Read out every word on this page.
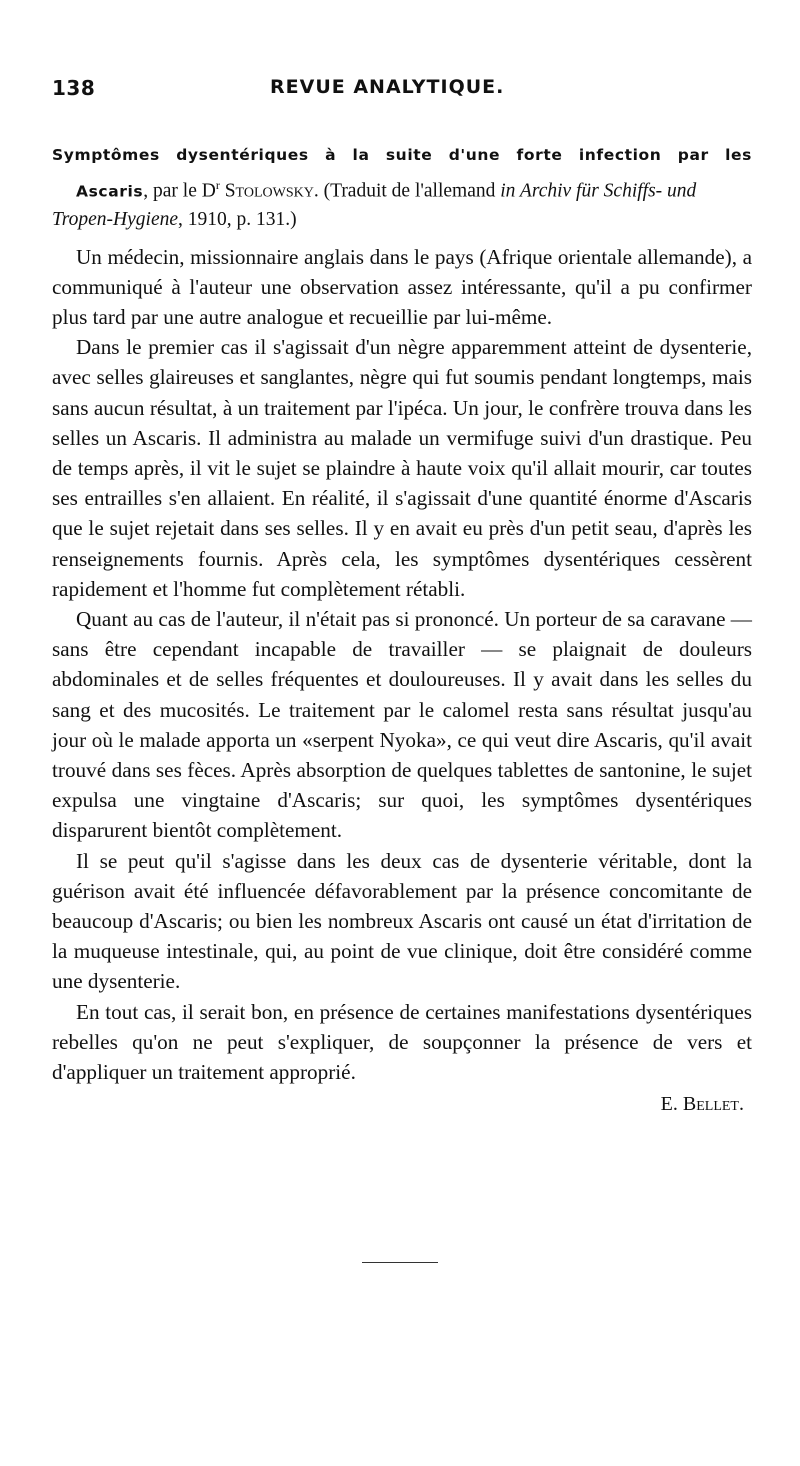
138	REVUE ANALYTIQUE.
Symptômes dysentériques à la suite d'une forte infection par les
Ascaris, par le $D^r$ Stolowsky. (Traduit de l'allemand in Archiv für Schiffs- und Tropen-Hygiene, 1910, p. 131.)

Un médecin, missionnaire anglais dans le pays (Afrique orientale allemande), a communiqué à l'auteur une observation assez intéressante, qu'il a pu confirmer plus tard par une autre analogue et recueillie par lui-même.

Dans le premier cas il s'agissait d'un nègre apparemment atteint de dysenterie, avec selles glaireuses et sanglantes, nègre qui fut soumis pendant longtemps, mais sans aucun résultat, à un traitement par l'ipéca. Un jour, le confrère trouva dans les selles un Ascaris. Il administra au malade un vermifuge suivi d'un drastique. Peu de temps après, il vit le sujet se plaindre à haute voix qu'il allait mourir, car toutes ses entrailles s'en allaient. En réalité, il s'agissait d'une quantité énorme d'Ascaris que le sujet rejetait dans ses selles. Il y en avait eu près d'un petit seau, d'après les renseignements fournis. Après cela, les symptômes dysentériques cessèrent rapidement et l'homme fut complètement rétabli.

Quant au cas de l'auteur, il n'était pas si prononcé. Un porteur de sa caravane — sans être cependant incapable de travailler — se plaignait de douleurs abdominales et de selles fréquentes et douloureuses. Il y avait dans les selles du sang et des mucosités. Le traitement par le calomel resta sans résultat jusqu'au jour où le malade apporta un «serpent Nyoka», ce qui veut dire Ascaris, qu'il avait trouvé dans ses fèces. Après absorption de quelques tablettes de santonine, le sujet expulsa une vingtaine d'Ascaris; sur quoi, les symptômes dysentériques disparurent bientôt complètement.

Il se peut qu'il s'agisse dans les deux cas de dysenterie véritable, dont la guérison avait été influencée défavorablement par la présence concomitante de beaucoup d'Ascaris; ou bien les nombreux Ascaris ont causé un état d'irritation de la muqueuse intestinale, qui, au point de vue clinique, doit être considéré comme une dysenterie.

En tout cas, il serait bon, en présence de certaines manifestations dysentériques rebelles qu'on ne peut s'expliquer, de soupçonner la présence de vers et d'appliquer un traitement approprié.

E. Bellet.
